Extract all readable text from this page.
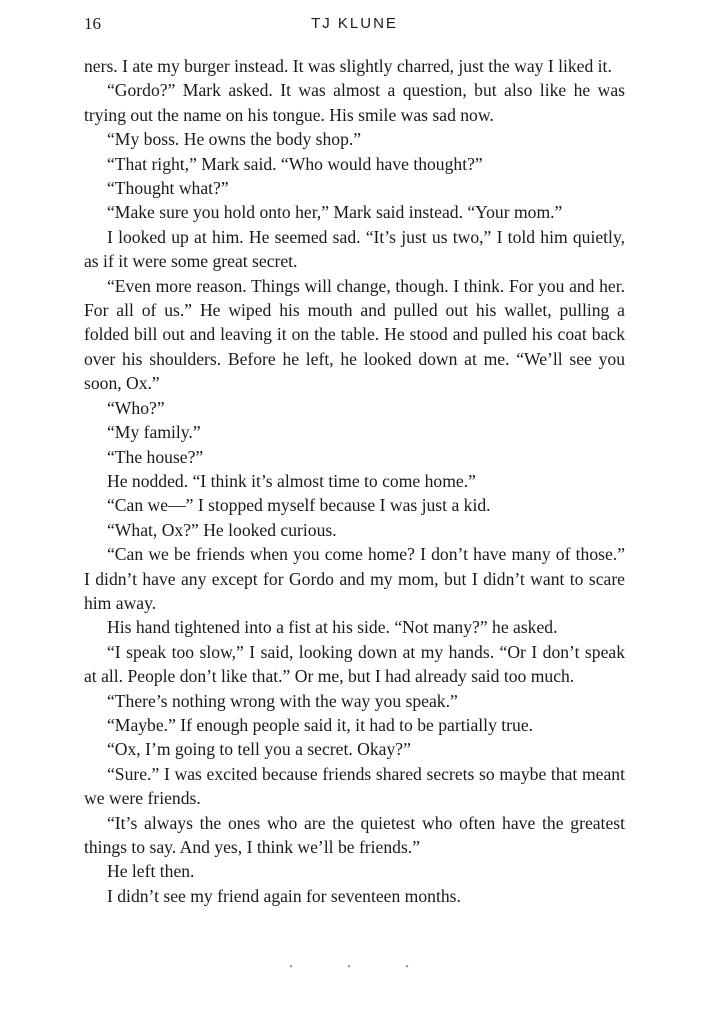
16	TJ KLUNE

ners. I ate my burger instead. It was slightly charred, just the way I liked it.

“Gordo?” Mark asked. It was almost a question, but also like he was trying out the name on his tongue. His smile was sad now.

“My boss. He owns the body shop.”

“That right,” Mark said. “Who would have thought?”

“Thought what?”

“Make sure you hold onto her,” Mark said instead. “Your mom.”

I looked up at him. He seemed sad. “It’s just us two,” I told him quietly, as if it were some great secret.

“Even more reason. Things will change, though. I think. For you and her. For all of us.” He wiped his mouth and pulled out his wallet, pulling a folded bill out and leaving it on the table. He stood and pulled his coat back over his shoulders. Before he left, he looked down at me. “We’ll see you soon, Ox.”

“Who?”

“My family.”

“The house?”

He nodded. “I think it’s almost time to come home.”

“Can we—” I stopped myself because I was just a kid.

“What, Ox?” He looked curious.

“Can we be friends when you come home? I don’t have many of those.” I didn’t have any except for Gordo and my mom, but I didn’t want to scare him away.

His hand tightened into a fist at his side. “Not many?” he asked.

“I speak too slow,” I said, looking down at my hands. “Or I don’t speak at all. People don’t like that.” Or me, but I had already said too much.

“There’s nothing wrong with the way you speak.”

“Maybe.” If enough people said it, it had to be partially true.

“Ox, I’m going to tell you a secret. Okay?”

“Sure.” I was excited because friends shared secrets so maybe that meant we were friends.

“It’s always the ones who are the quietest who often have the greatest things to say. And yes, I think we’ll be friends.”

He left then.

I didn’t see my friend again for seventeen months.

• • •
